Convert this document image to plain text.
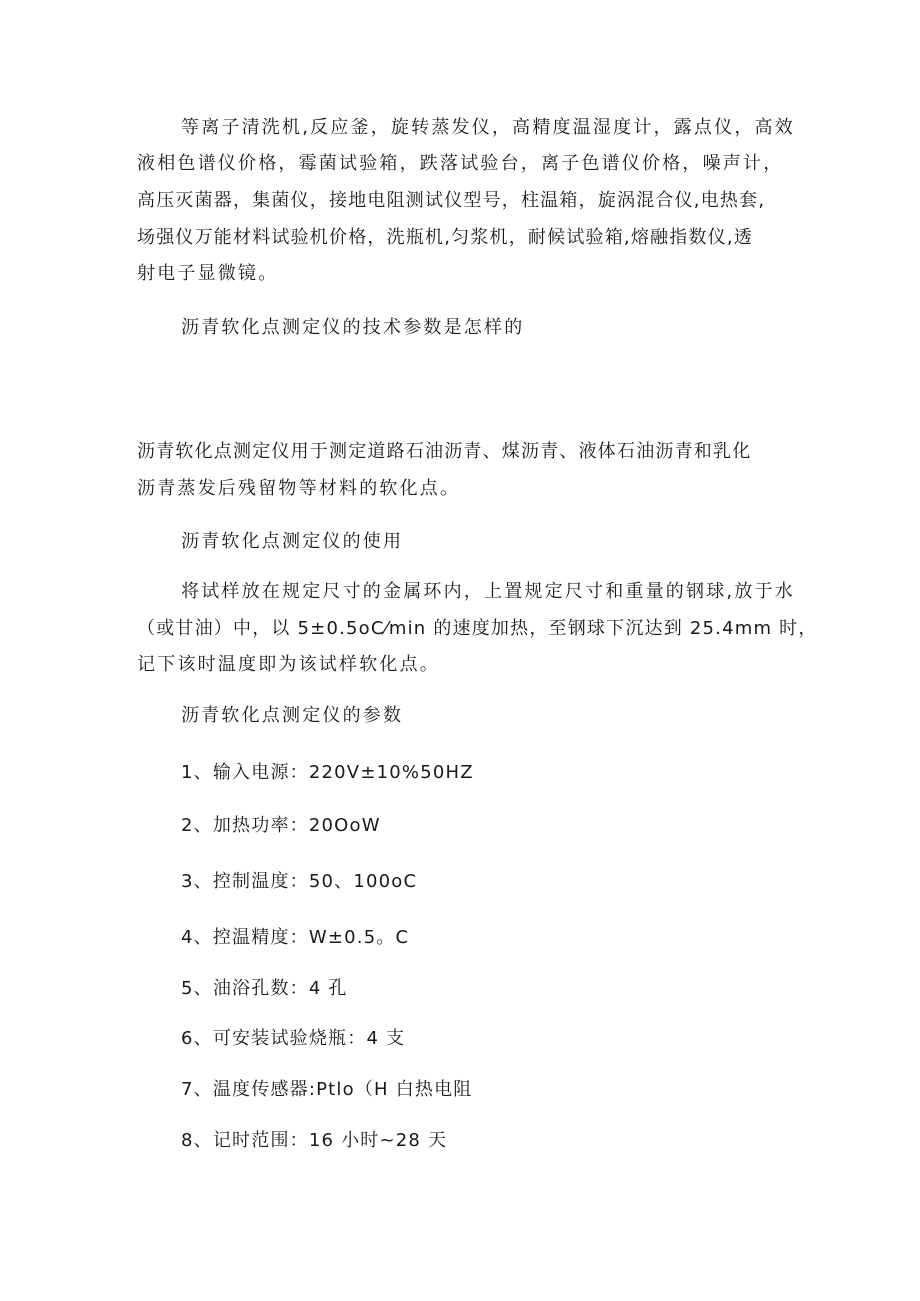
等离子清洗机,反应釜，旋转蒸发仪，高精度温湿度计，露点仪，高效
液相色谱仪价格，霉菌试验箱，跌落试验台，离子色谱仪价格，噪声计，
高压灭菌器，集菌仪，接地电阻测试仪型号，柱温箱，旋涡混合仪,电热套,
场强仪万能材料试验机价格，洗瓶机,匀浆机，耐候试验箱,熔融指数仪,透
射电子显微镜。
沥青软化点测定仪的技术参数是怎样的
沥青软化点测定仪用于测定道路石油沥青、煤沥青、液体石油沥青和乳化
沥青蒸发后残留物等材料的软化点。
沥青软化点测定仪的使用
将试样放在规定尺寸的金属环内，上置规定尺寸和重量的钢球,放于水
（或甘油）中，以 5±0.5oC⁄min 的速度加热，至钢球下沉达到 25.4mm 时，
记下该时温度即为该试样软化点。
沥青软化点测定仪的参数
1、输入电源：220V±10%50HZ
2、加热功率：20OoW
3、控制温度：50、100oC
4、控温精度：W±0.5。C
5、油浴孔数：4 孔
6、可安装试验烧瓶：4 支
7、温度传感器:Ptlo（H 白热电阻
8、记时范围：16 小时~28 天
